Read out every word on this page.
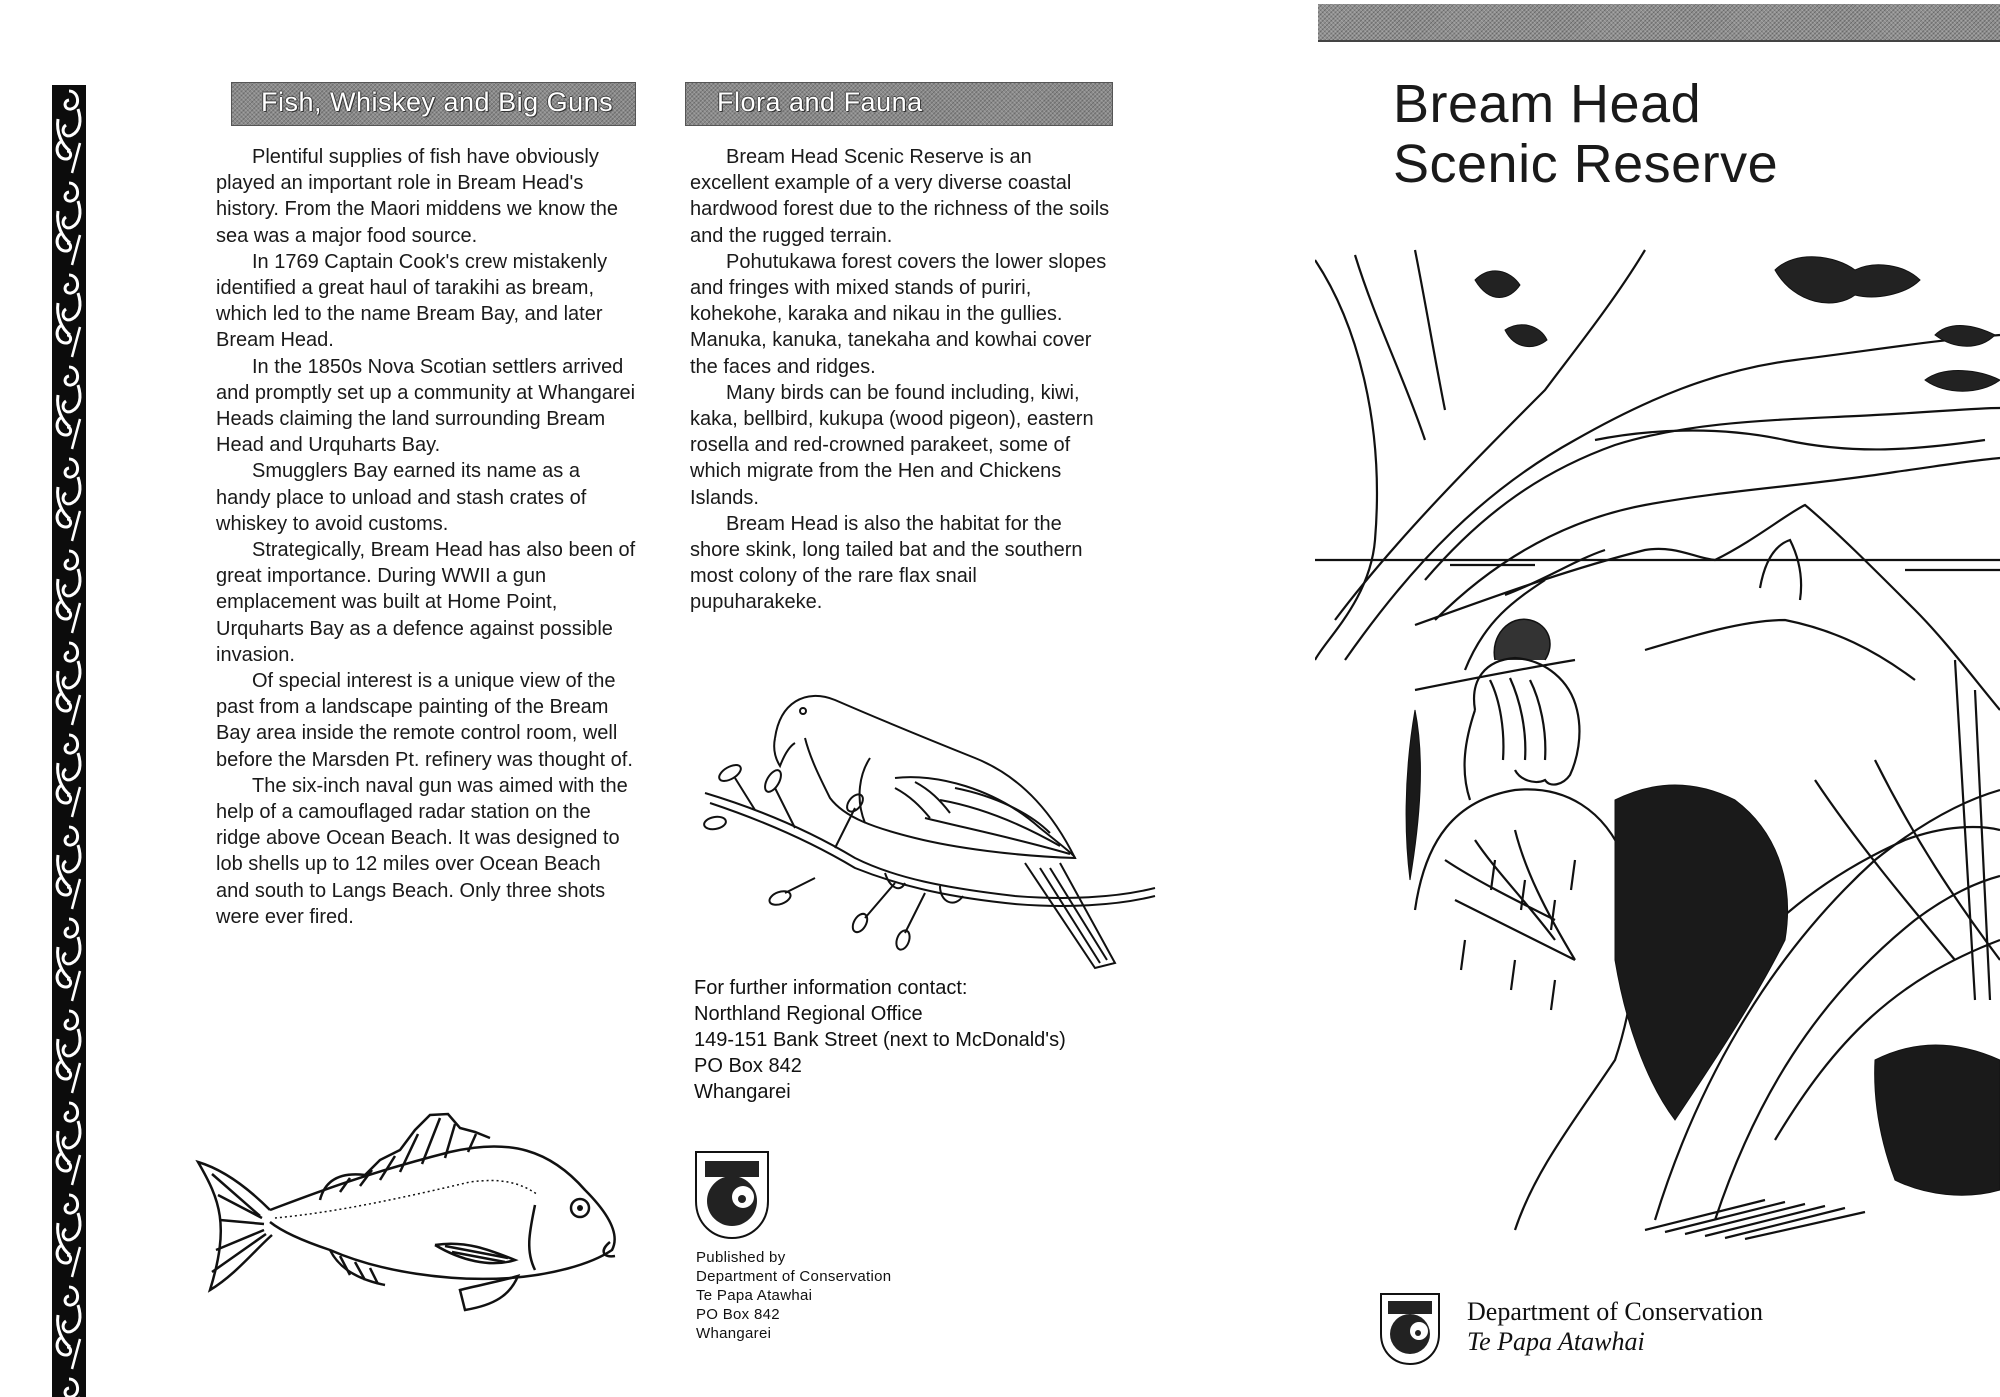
Fish, Whiskey and Big Guns

Plentiful supplies of fish have obviously played an important role in Bream Head's history. From the Maori middens we know the sea was a major food source.

In 1769 Captain Cook's crew mistakenly identified a great haul of tarakihi as bream, which led to the name Bream Bay, and later Bream Head.

In the 1850s Nova Scotian settlers arrived and promptly set up a community at Whangarei Heads claiming the land surrounding Bream Head and Urquharts Bay.

Smugglers Bay earned its name as a handy place to unload and stash crates of whiskey to avoid customs.

Strategically, Bream Head has also been of great importance. During WWII a gun emplacement was built at Home Point, Urquharts Bay as a defence against possible invasion.

Of special interest is a unique view of the past from a landscape painting of the Bream Bay area inside the remote control room, well before the Marsden Pt. refinery was thought of.

The six-inch naval gun was aimed with the help of a camouflaged radar station on the ridge above Ocean Beach. It was designed to lob shells up to 12 miles over Ocean Beach and south to Langs Beach. Only three shots were ever fired.

Flora and Fauna

Bream Head Scenic Reserve is an excellent example of a very diverse coastal hardwood forest due to the richness of the soils and the rugged terrain.

Pohutukawa forest covers the lower slopes and fringes with mixed stands of puriri, kohekohe, karaka and nikau in the gullies. Manuka, kanuka, tanekaha and kowhai cover the faces and ridges.

Many birds can be found including, kiwi, kaka, bellbird, kukupa (wood pigeon), eastern rosella and red-crowned parakeet, some of which migrate from the Hen and Chickens Islands.

Bream Head is also the habitat for the shore skink, long tailed bat and the southern most colony of the rare flax snail pupuharakeke.

For further information contact:
Northland Regional Office
149-151 Bank Street (next to McDonald's)
PO Box 842
Whangarei
Published by
Department of Conservation
Te Papa Atawhai
PO Box 842
Whangarei
Bream Head
Scenic Reserve
Department of Conservation
Te Papa Atawhai
